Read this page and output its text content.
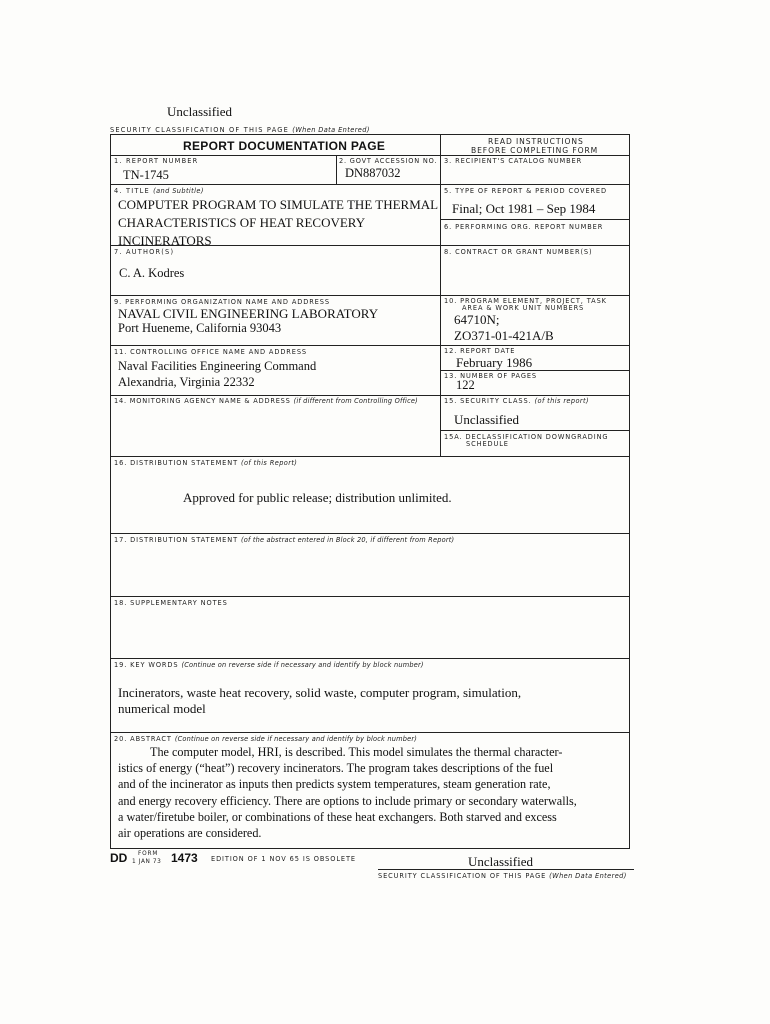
Unclassified
SECURITY CLASSIFICATION OF THIS PAGE (When Data Entered)
REPORT DOCUMENTATION PAGE	READ INSTRUCTIONS
BEFORE COMPLETING FORM
1. REPORT NUMBER
TN-1745
2. GOVT ACCESSION NO.
DN887032
3. RECIPIENT'S CATALOG NUMBER
4. TITLE (and Subtitle)
COMPUTER PROGRAM TO SIMULATE THE THERMAL
CHARACTERISTICS OF HEAT RECOVERY
INCINERATORS
5. TYPE OF REPORT & PERIOD COVERED
Final; Oct 1981 – Sep 1984
6. PERFORMING ORG. REPORT NUMBER
7. AUTHOR(S)
C. A. Kodres
8. CONTRACT OR GRANT NUMBER(S)
9. PERFORMING ORGANIZATION NAME AND ADDRESS
NAVAL CIVIL ENGINEERING LABORATORY
Port Hueneme, California 93043
10. PROGRAM ELEMENT, PROJECT, TASK
AREA & WORK UNIT NUMBERS
64710N;
ZO371-01-421A/B
11. CONTROLLING OFFICE NAME AND ADDRESS
Naval Facilities Engineering Command
Alexandria, Virginia 22332
12. REPORT DATE
February 1986
13. NUMBER OF PAGES
122
14. MONITORING AGENCY NAME & ADDRESS (if different from Controlling Office)	15. SECURITY CLASS. (of this report)
Unclassified
15A. DECLASSIFICATION DOWNGRADING
SCHEDULE
16. DISTRIBUTION STATEMENT (of this Report)
Approved for public release; distribution unlimited.
17. DISTRIBUTION STATEMENT (of the abstract entered in Block 20, if different from Report)
18. SUPPLEMENTARY NOTES
19. KEY WORDS (Continue on reverse side if necessary and identify by block number)
Incinerators, waste heat recovery, solid waste, computer program, simulation,
numerical model
20. ABSTRACT (Continue on reverse side if necessary and identify by block number)

The computer model, HRI, is described. This model simulates the thermal character-

istics of energy (“heat”) recovery incinerators. The program takes descriptions of the fuel

and of the incinerator as inputs then predicts system temperatures, steam generation rate,

and energy recovery efficiency. There are options to include primary or secondary waterwalls,

a water/firetube boiler, or combinations of these heat exchangers. Both starved and excess

air operations are considered.

DD FORM
1 JAN 73 1473 EDITION OF 1 NOV 65 IS OBSOLETE	Unclassified
SECURITY CLASSIFICATION OF THIS PAGE (When Data Entered)
